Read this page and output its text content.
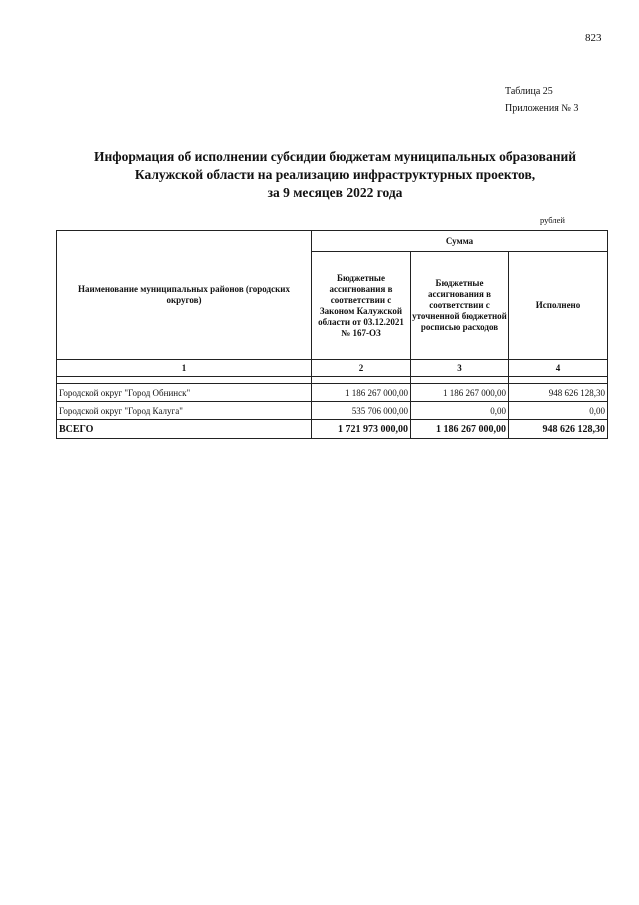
823
Таблица 25
Приложения № 3
Информация об исполнении субсидии бюджетам муниципальных образований
Калужской области на реализацию инфраструктурных проектов,
за 9 месяцев 2022 года
рублей
Наименование муниципальных районов (городских округов)	Сумма		
	Бюджетные ассигнования в соответствии с Законом Калужской области от 03.12.2021 № 167-ОЗ	Бюджетные ассигнования в соответствии с уточненной бюджетной росписью расходов	Исполнено
1	2	3	4

Городской округ "Город Обнинск"	1 186 267 000,00	1 186 267 000,00	948 626 128,30
Городской округ "Город Калуга"	535 706 000,00	0,00	0,00
ВСЕГО	1 721 973 000,00	1 186 267 000,00	948 626 128,30
